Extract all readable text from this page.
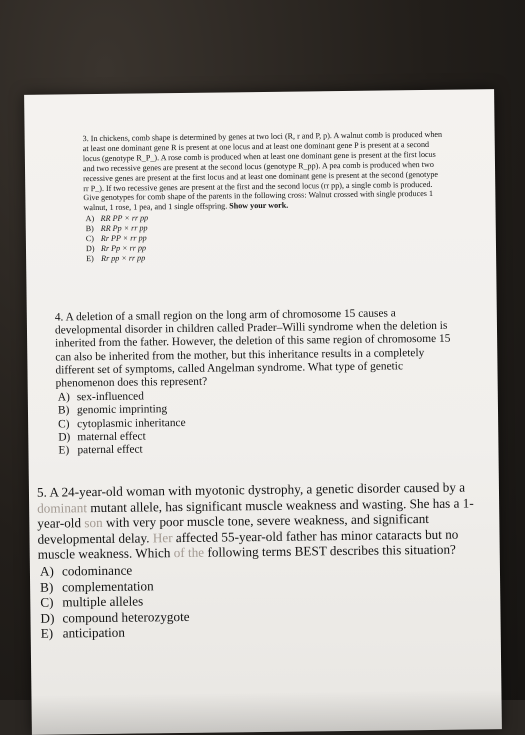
3. In chickens, comb shape is determined by genes at two loci (R, r and P, p). A walnut comb is produced when at least one dominant gene R is present at one locus and at least one dominant gene P is present at a second locus (genotype R_P_). A rose comb is produced when at least one dominant gene is present at the first locus and two recessive genes are present at the second locus (genotype R_pp). A pea comb is produced when two recessive genes are present at the first locus and at least one dominant gene is present at the second (genotype rr P_). If two recessive genes are present at the first and the second locus (rr pp), a single comb is produced. Give genotypes for comb shape of the parents in the following cross: Walnut crossed with single produces 1 walnut, 1 rose, 1 pea, and 1 single offspring. Show your work.

A) RR PP × rr pp
B) RR Pp × rr pp
C) Rr PP × rr pp
D) Rr Pp × rr pp
E) Rr pp × rr pp

4. A deletion of a small region on the long arm of chromosome 15 causes a developmental disorder in children called Prader–Willi syndrome when the deletion is inherited from the father. However, the deletion of this same region of chromosome 15 can also be inherited from the mother, but this inheritance results in a completely different set of symptoms, called Angelman syndrome. What type of genetic phenomenon does this represent?

A) sex-influenced
B) genomic imprinting
C) cytoplasmic inheritance
D) maternal effect
E) paternal effect

5. A 24-year-old woman with myotonic dystrophy, a genetic disorder caused by a dominant mutant allele, has significant muscle weakness and wasting. She has a 1-year-old son with very poor muscle tone, severe weakness, and significant developmental delay. Her affected 55-year-old father has minor cataracts but no muscle weakness. Which of the following terms BEST describes this situation?

A) codominance
B) complementation
C) multiple alleles
D) compound heterozygote
E) anticipation
